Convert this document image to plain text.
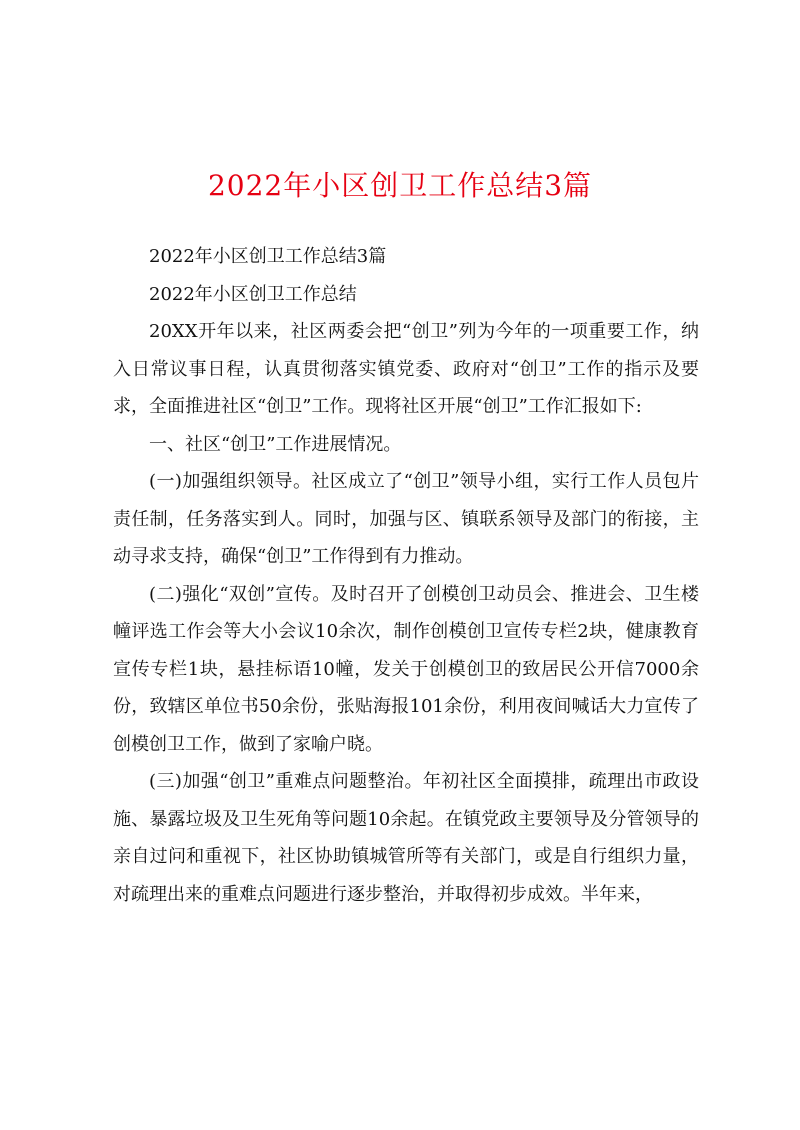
2022年小区创卫工作总结3篇

2022年小区创卫工作总结3篇

2022年小区创卫工作总结

20XX开年以来，社区两委会把“创卫”列为今年的一项重要工作，纳入日常议事日程，认真贯彻落实镇党委、政府对“创卫”工作的指示及要求，全面推进社区“创卫”工作。现将社区开展“创卫”工作汇报如下:

一、社区“创卫”工作进展情况。

(一)加强组织领导。社区成立了“创卫”领导小组，实行工作人员包片责任制，任务落实到人。同时，加强与区、镇联系领导及部门的衔接，主动寻求支持，确保“创卫”工作得到有力推动。

(二)强化“双创”宣传。及时召开了创模创卫动员会、推进会、卫生楼幢评选工作会等大小会议10余次，制作创模创卫宣传专栏2块，健康教育宣传专栏1块，悬挂标语10幢，发关于创模创卫的致居民公开信7000余份，致辖区单位书50余份，张贴海报101余份，利用夜间喊话大力宣传了创模创卫工作，做到了家喻户晓。

(三)加强“创卫”重难点问题整治。年初社区全面摸排，疏理出市政设施、暴露垃圾及卫生死角等问题10余起。在镇党政主要领导及分管领导的亲自过问和重视下，社区协助镇城管所等有关部门，或是自行组织力量，对疏理出来的重难点问题进行逐步整治，并取得初步成效。半年来，
